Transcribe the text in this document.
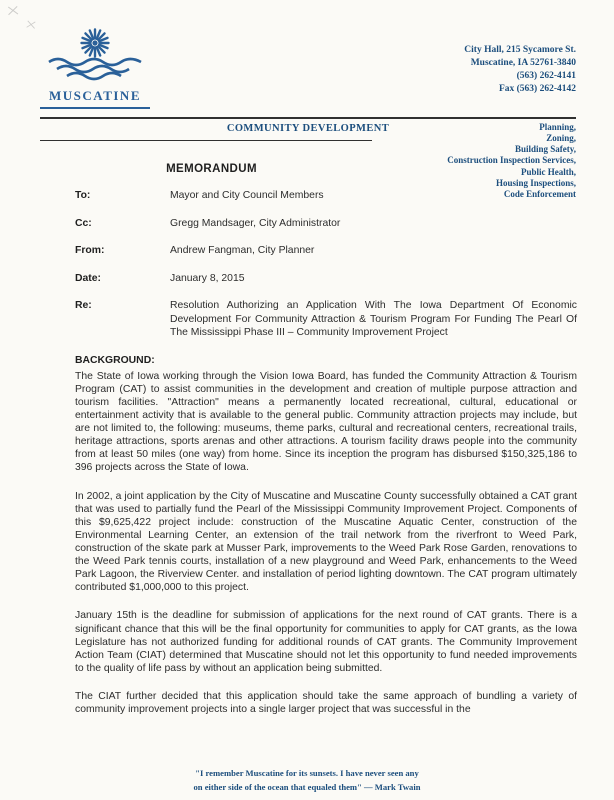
MUSCATINE
City Hall, 215 Sycamore St.
Muscatine, IA 52761-3840
(563) 262-4141
Fax (563) 262-4142
COMMUNITY DEVELOPMENT	Planning,
Zoning,
Building Safety,
Construction Inspection Services,
Public Health,
Housing Inspections,
Code Enforcement
MEMORANDUM
To:	Mayor and City Council Members
Cc:	Gregg Mandsager, City Administrator
From:	Andrew Fangman, City Planner
Date:	January 8, 2015
Re:	Resolution Authorizing an Application With The Iowa Department Of Economic Development For Community Attraction & Tourism Program For Funding The Pearl Of The Mississippi Phase III – Community Improvement Project
BACKGROUND:

The State of Iowa working through the Vision Iowa Board, has funded the Community Attraction & Tourism Program (CAT) to assist communities in the development and creation of multiple purpose attraction and tourism facilities. "Attraction" means a permanently located recreational, cultural, educational or entertainment activity that is available to the general public. Community attraction projects may include, but are not limited to, the following: museums, theme parks, cultural and recreational centers, recreational trails, heritage attractions, sports arenas and other attractions. A tourism facility draws people into the community from at least 50 miles (one way) from home. Since its inception the program has disbursed $150,325,186 to 396 projects across the State of Iowa.

In 2002, a joint application by the City of Muscatine and Muscatine County successfully obtained a CAT grant that was used to partially fund the Pearl of the Mississippi Community Improvement Project. Components of this $9,625,422 project include: construction of the Muscatine Aquatic Center, construction of the Environmental Learning Center, an extension of the trail network from the riverfront to Weed Park, construction of the skate park at Musser Park, improvements to the Weed Park Rose Garden, renovations to the Weed Park tennis courts, installation of a new playground and Weed Park, enhancements to the Weed Park Lagoon, the Riverview Center. and installation of period lighting downtown. The CAT program ultimately contributed $1,000,000 to this project.

January 15th is the deadline for submission of applications for the next round of CAT grants. There is a significant chance that this will be the final opportunity for communities to apply for CAT grants, as the Iowa Legislature has not authorized funding for additional rounds of CAT grants. The Community Improvement Action Team (CIAT) determined that Muscatine should not let this opportunity to fund needed improvements to the quality of life pass by without an application being submitted.

The CIAT further decided that this application should take the same approach of bundling a variety of community improvement projects into a single larger project that was successful in the

"I remember Muscatine for its sunsets. I have never seen any
on either side of the ocean that equaled them" — Mark Twain
